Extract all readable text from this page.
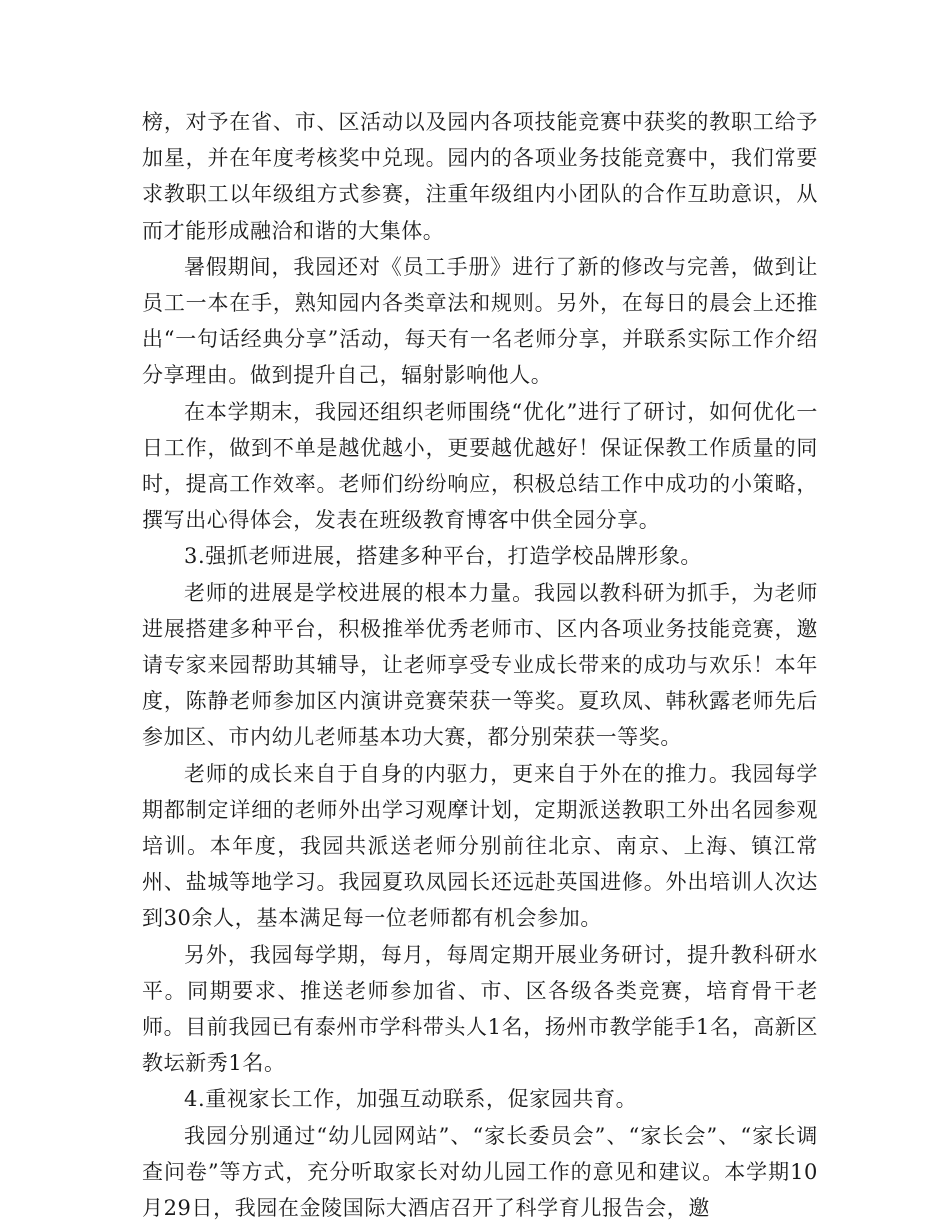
榜，对予在省、市、区活动以及园内各项技能竞赛中获奖的教职工给予加星，并在年度考核奖中兑现。园内的各项业务技能竞赛中，我们常要求教职工以年级组方式参赛，注重年级组内小团队的合作互助意识，从而才能形成融洽和谐的大集体。

暑假期间，我园还对《员工手册》进行了新的修改与完善，做到让员工一本在手，熟知园内各类章法和规则。另外，在每日的晨会上还推出“一句话经典分享”活动，每天有一名老师分享，并联系实际工作介绍分享理由。做到提升自己，辐射影响他人。

在本学期末，我园还组织老师围绕“优化”进行了研讨，如何优化一日工作，做到不单是越优越小，更要越优越好！保证保教工作质量的同时，提高工作效率。老师们纷纷响应，积极总结工作中成功的小策略，撰写出心得体会，发表在班级教育博客中供全园分享。

3.强抓老师进展，搭建多种平台，打造学校品牌形象。

老师的进展是学校进展的根本力量。我园以教科研为抓手，为老师进展搭建多种平台，积极推举优秀老师市、区内各项业务技能竞赛，邀请专家来园帮助其辅导，让老师享受专业成长带来的成功与欢乐！本年度，陈静老师参加区内演讲竞赛荣获一等奖。夏玖凤、韩秋露老师先后参加区、市内幼儿老师基本功大赛，都分别荣获一等奖。

老师的成长来自于自身的内驱力，更来自于外在的推力。我园每学期都制定详细的老师外出学习观摩计划，定期派送教职工外出名园参观培训。本年度，我园共派送老师分别前往北京、南京、上海、镇江常州、盐城等地学习。我园夏玖凤园长还远赴英国进修。外出培训人次达到30余人，基本满足每一位老师都有机会参加。

另外，我园每学期，每月，每周定期开展业务研讨，提升教科研水平。同期要求、推送老师参加省、市、区各级各类竞赛，培育骨干老师。目前我园已有泰州市学科带头人1名，扬州市教学能手1名，高新区教坛新秀1名。

4.重视家长工作，加强互动联系，促家园共育。

我园分别通过“幼儿园网站”、“家长委员会”、“家长会”、“家长调查问卷”等方式，充分听取家长对幼儿园工作的意见和建议。本学期10月29日，我园在金陵国际大酒店召开了科学育儿报告会，邀
